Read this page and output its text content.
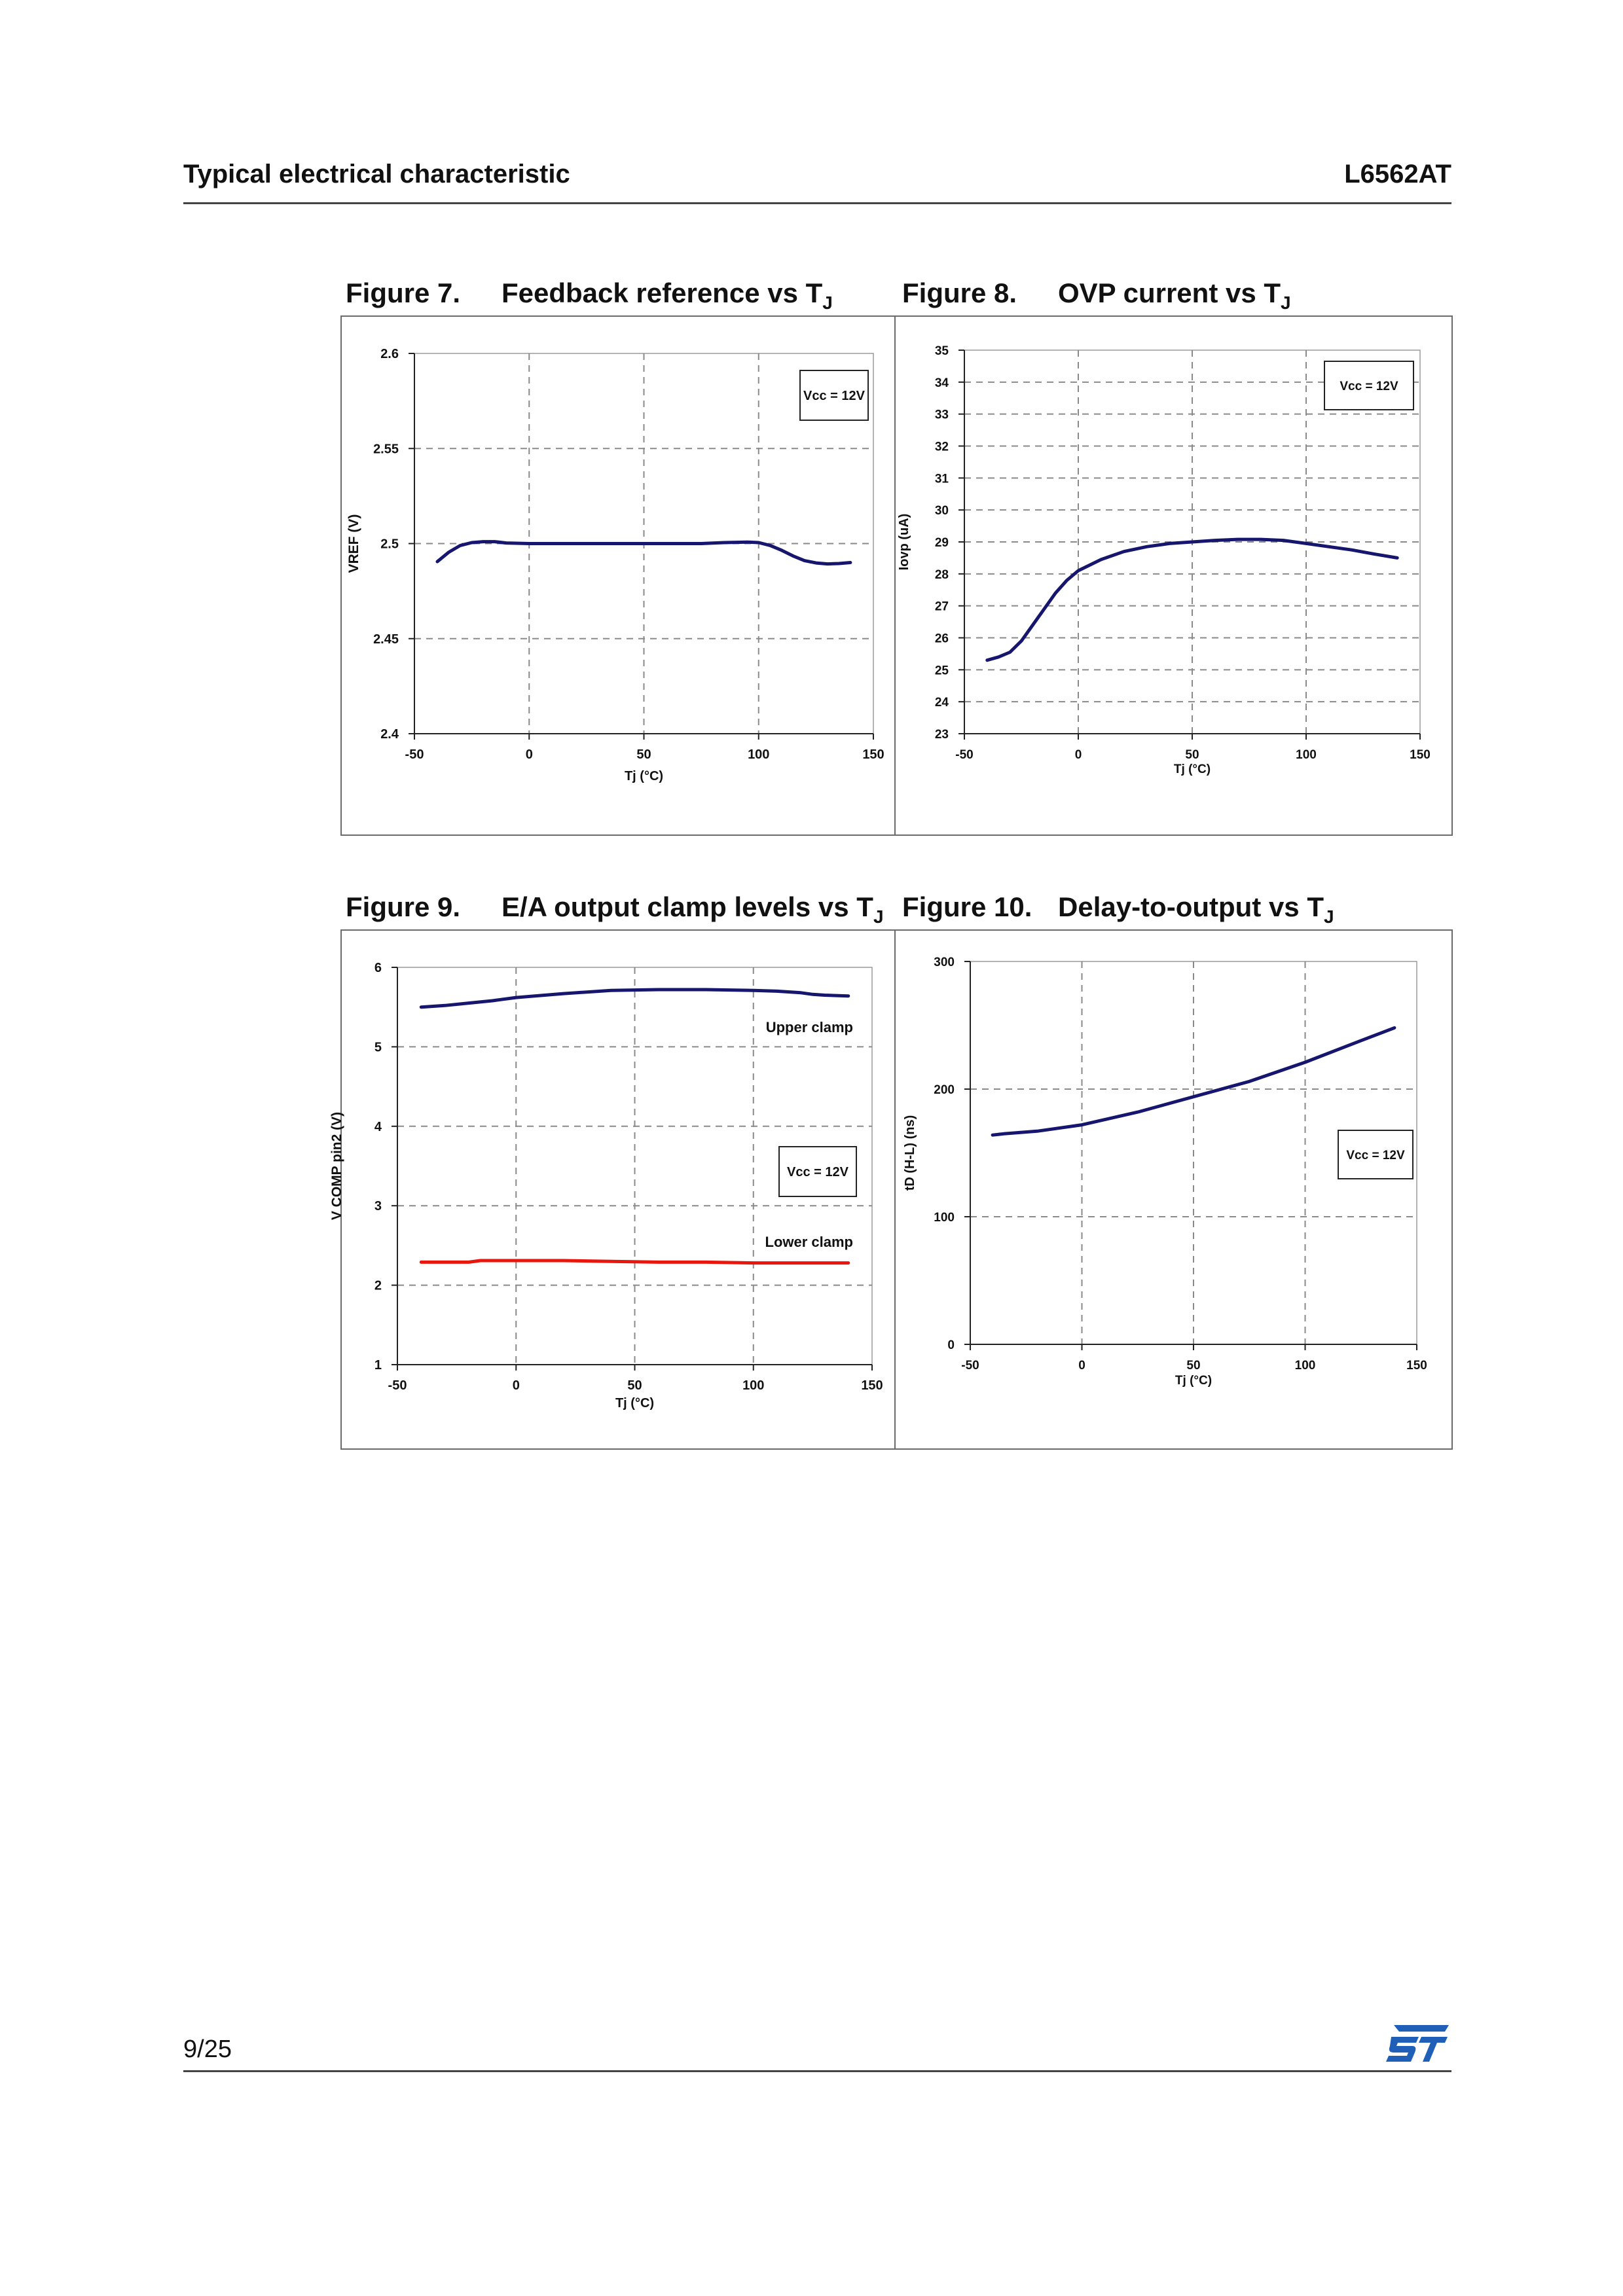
Typical electrical characteristic	L6562AT
Figure 7. Feedback reference vs $T_J$	Figure 8. OVP current vs $T_J$
Figure 9. E/A output clamp levels vs $T_J$ Figure 10. Delay-to-output vs $T_J$
-50	0	50	100	150
2.4
2.45
2.5
2.55
2.6
Tj (°C)
VREF (V)
Vcc = 12V
-50	0	50	100	150
23
24
25
26
27
28
29
30
31
32
33
34
35
Tj (°C)
Iovp (uA)
Vcc = 12V
-50	0	50	100	150
1
2
3
4
5
6
Tj (°C)
V COMP pin2 (V)	Vcc = 12V
Upper clamp
Lower clamp
-50	0	50	100	150
0
100
200
300
Tj (°C)
tD (H-L) (ns)	Vcc = 12V
9/25
